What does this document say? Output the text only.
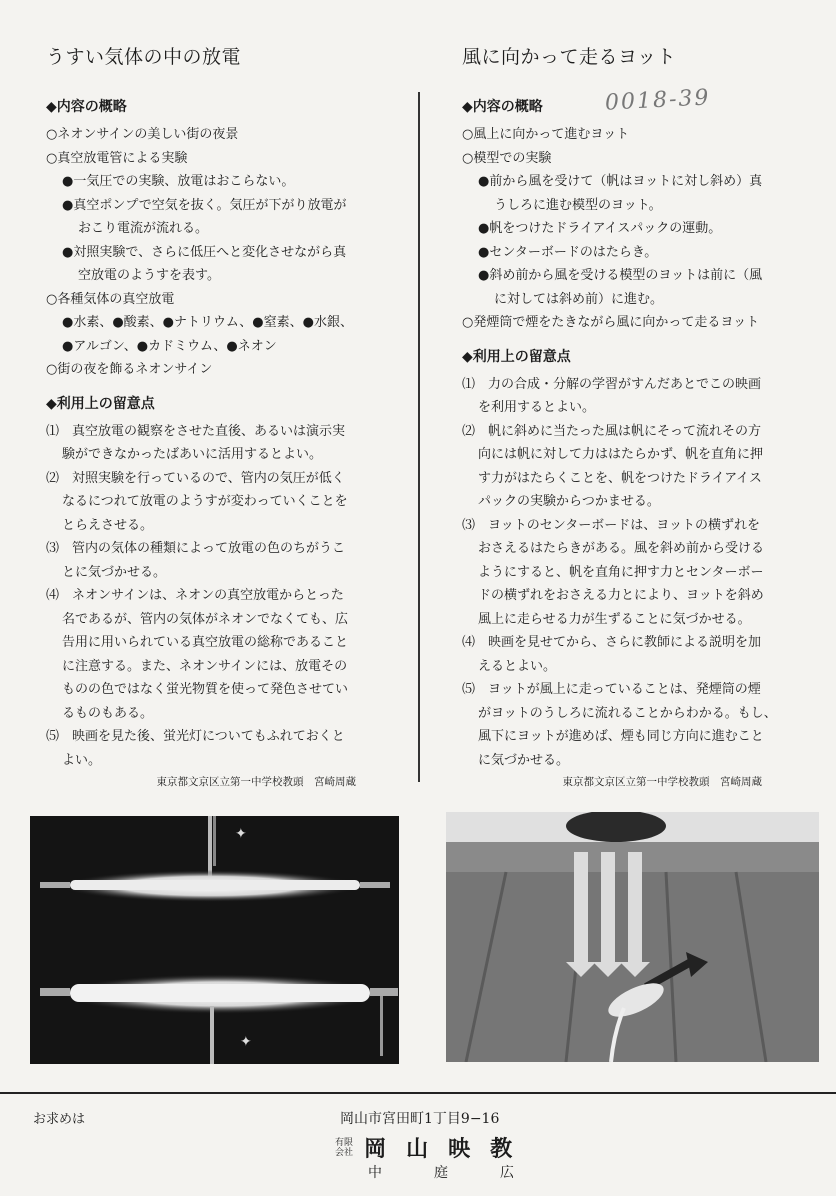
うすい気体の中の放電
◆内容の概略

○ネオンサインの美しい街の夜景

○真空放電管による実験

●一気圧での実験、放電はおこらない。

●真空ポンプで空気を抜く。気圧が下がり放電が

おこり電流が流れる。

●対照実験で、さらに低圧へと変化させながら真

空放電のようすを表す。

○各種気体の真空放電

●水素、●酸素、●ナトリウム、●窒素、●水銀、

●アルゴン、●カドミウム、●ネオン

○街の夜を飾るネオンサイン

◆利用上の留意点

⑴　真空放電の観察をさせた直後、あるいは演示実

験ができなかったばあいに活用するとよい。

⑵　対照実験を行っているので、管内の気圧が低く

なるにつれて放電のようすが変わっていくことを

とらえさせる。

⑶　管内の気体の種類によって放電の色のちがうこ

とに気づかせる。

⑷　ネオンサインは、ネオンの真空放電からとった

名であるが、管内の気体がネオンでなくても、広

告用に用いられている真空放電の総称であること

に注意する。また、ネオンサインには、放電その

ものの色ではなく蛍光物質を使って発色させてい

るものもある。

⑸　映画を見た後、蛍光灯についてもふれておくと

よい。

東京都文京区立第一中学校教頭　宮崎周蔵
風に向かって走るヨット
◆内容の概略

○風上に向かって進むヨット

○模型での実験

●前から風を受けて（帆はヨットに対し斜め）真

うしろに進む模型のヨット。

●帆をつけたドライアイスパックの運動。

●センターボードのはたらき。

●斜め前から風を受ける模型のヨットは前に（風

に対しては斜め前）に進む。

○発煙筒で煙をたきながら風に向かって走るヨット

◆利用上の留意点

⑴　力の合成・分解の学習がすんだあとでこの映画

を利用するとよい。

⑵　帆に斜めに当たった風は帆にそって流れその方

向には帆に対して力ははたらかず、帆を直角に押

す力がはたらくことを、帆をつけたドライアイス

パックの実験からつかませる。

⑶　ヨットのセンターボードは、ヨットの横ずれを

おさえるはたらきがある。風を斜め前から受ける

ようにすると、帆を直角に押す力とセンターボー

ドの横ずれをおさえる力とにより、ヨットを斜め

風上に走らせる力が生ずることに気づかせる。

⑷　映画を見せてから、さらに教師による説明を加

えるとよい。

⑸　ヨットが風上に走っていることは、発煙筒の煙

がヨットのうしろに流れることからわかる。もし、

風下にヨットが進めば、煙も同じ方向に進むこと

に気づかせる。

東京都文京区立第一中学校教頭　宮崎周蔵
0018-39
✦
✦
お求めは	岡山市宮田町1丁目9−16
有限会社 岡山映教
中庭広
